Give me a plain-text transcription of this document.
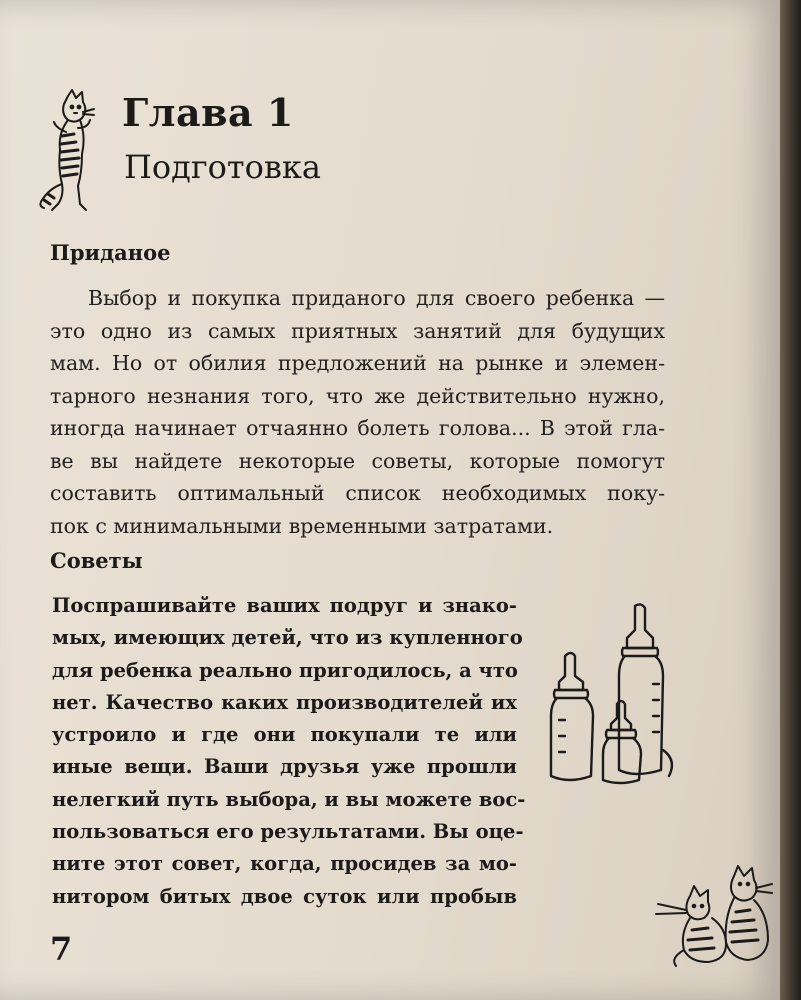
Глава 1
Подготовка
Приданое
Выбор и покупка приданого для своего ребенка —
это одно из самых приятных занятий для будущих
мам. Но от обилия предложений на рынке и элемен-
тарного незнания того, что же действительно нужно,
иногда начинает отчаянно болеть голова... В этой гла-
ве вы найдете некоторые советы, которые помогут
составить оптимальный список необходимых поку-
пок с минимальными временными затратами.
Советы
Поспрашивайте ваших подруг и знако-
мых, имеющих детей, что из купленного
для ребенка реально пригодилось, а что
нет. Качество каких производителей их
устроило и где они покупали те или
иные вещи. Ваши друзья уже прошли
нелегкий путь выбора, и вы можете вос-
пользоваться его результатами. Вы оце-
ните этот совет, когда, просидев за мо-
нитором битых двое суток или пробыв
7
